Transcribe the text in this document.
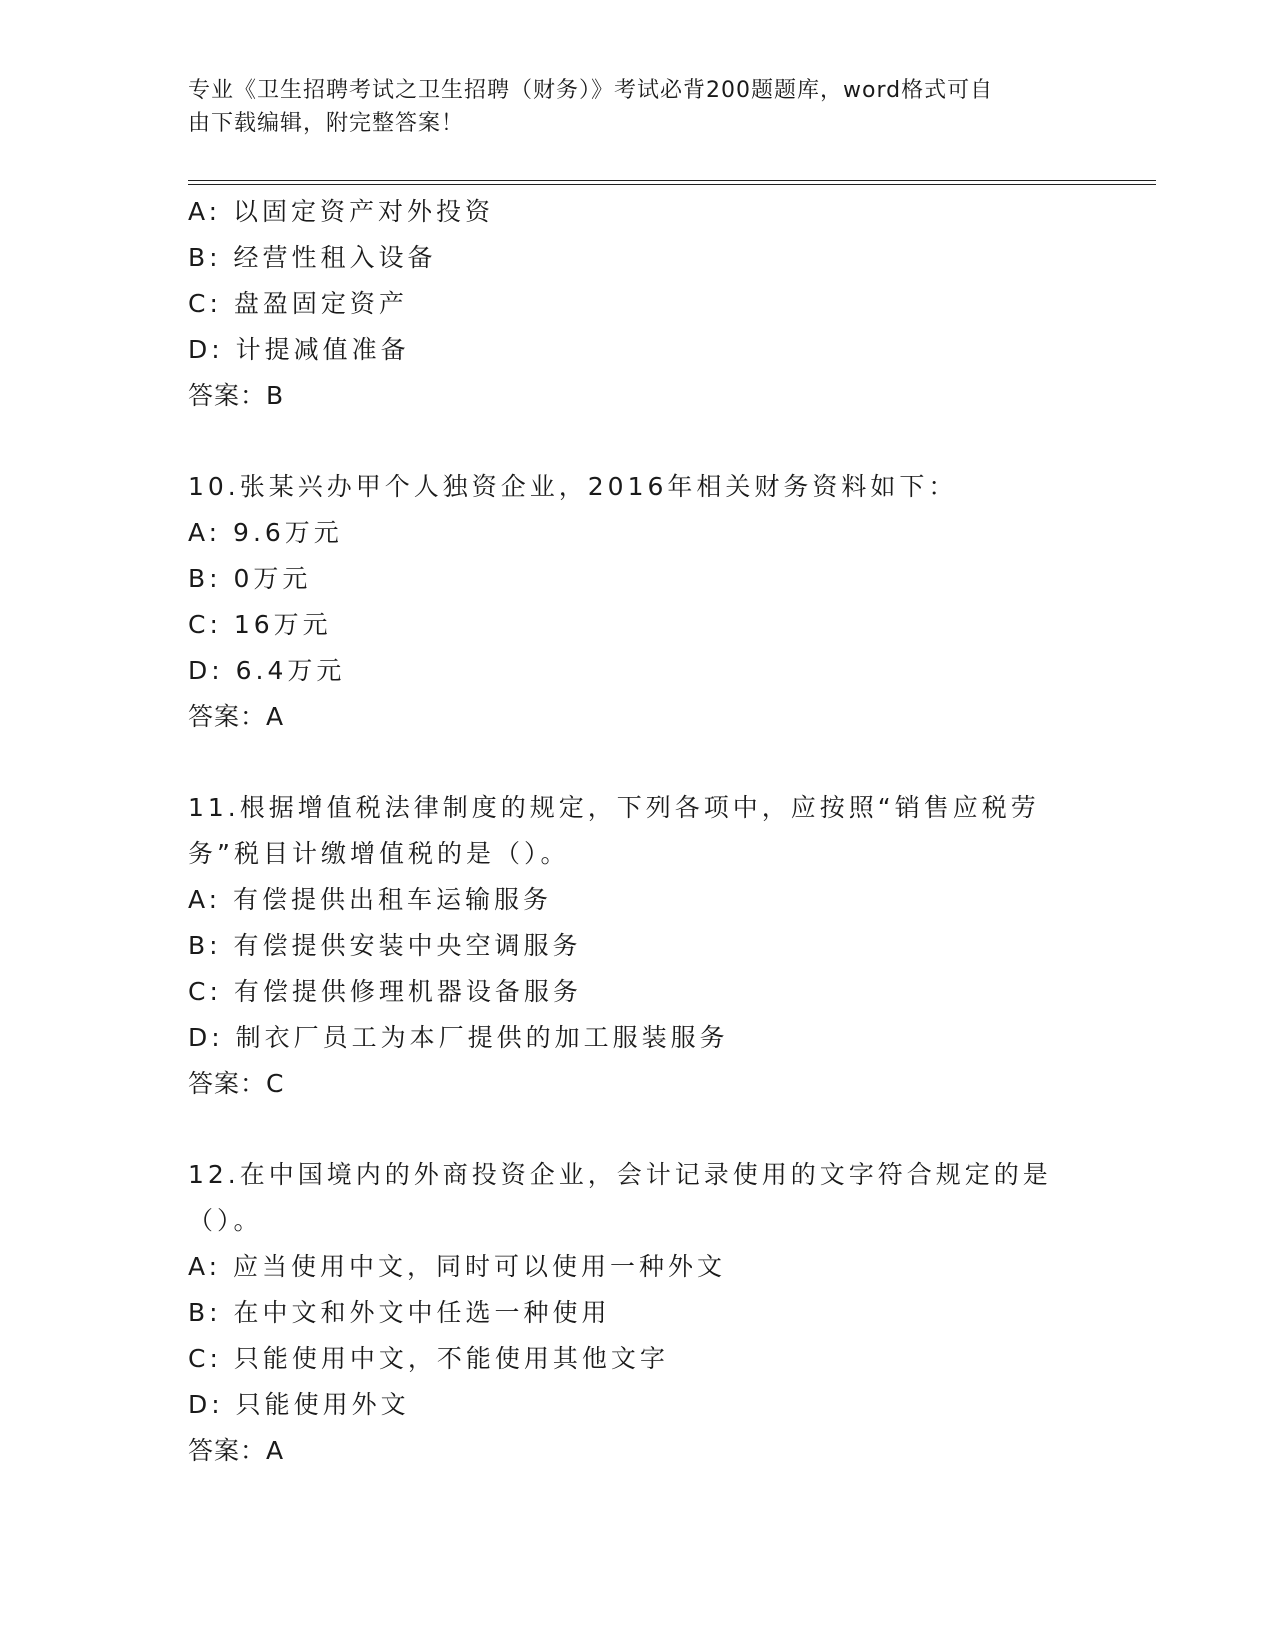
专业《卫生招聘考试之卫生招聘（财务）》考试必背200题题库，word格式可自
由下载编辑，附完整答案！
A: 以固定资产对外投资
B: 经营性租入设备
C: 盘盈固定资产
D: 计提减值准备
答案：B
10.张某兴办甲个人独资企业，2016年相关财务资料如下：
A: 9.6万元
B: 0万元
C: 16万元
D: 6.4万元
答案：A
11.根据增值税法律制度的规定，下列各项中，应按照“销售应税劳务”税目计缴增值税的是（）。
A: 有偿提供出租车运输服务
B: 有偿提供安装中央空调服务
C: 有偿提供修理机器设备服务
D: 制衣厂员工为本厂提供的加工服装服务
答案：C
12.在中国境内的外商投资企业，会计记录使用的文字符合规定的是（）。
A: 应当使用中文，同时可以使用一种外文
B: 在中文和外文中任选一种使用
C: 只能使用中文，不能使用其他文字
D: 只能使用外文
答案：A
